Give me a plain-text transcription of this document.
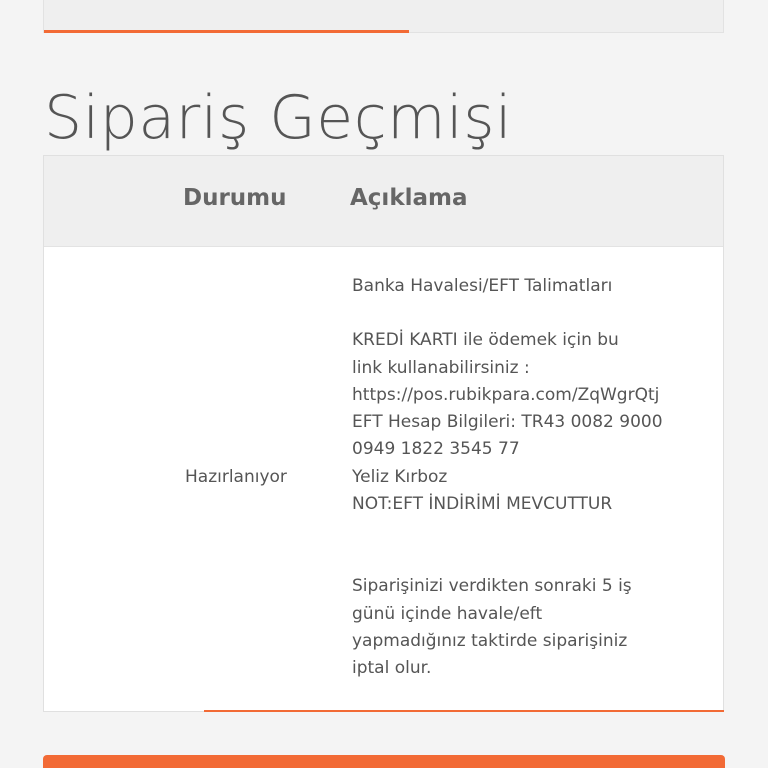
Sipariş Geçmişi
Durumu	Açıklama
Hazırlanıyor

Banka Havalesi/EFT Talimatları

KREDİ KARTI ile ödemek için bu

link kullanabilirsiniz :

https://pos.rubikpara.com/ZqWgrQtj

EFT Hesap Bilgileri: TR43 0082 9000

0949 1822 3545 77

Yeliz Kırboz

NOT:EFT İNDİRİMİ MEVCUTTUR

Siparişinizi verdikten sonraki 5 iş

günü içinde havale/eft

yapmadığınız taktirde siparişiniz

iptal olur.
